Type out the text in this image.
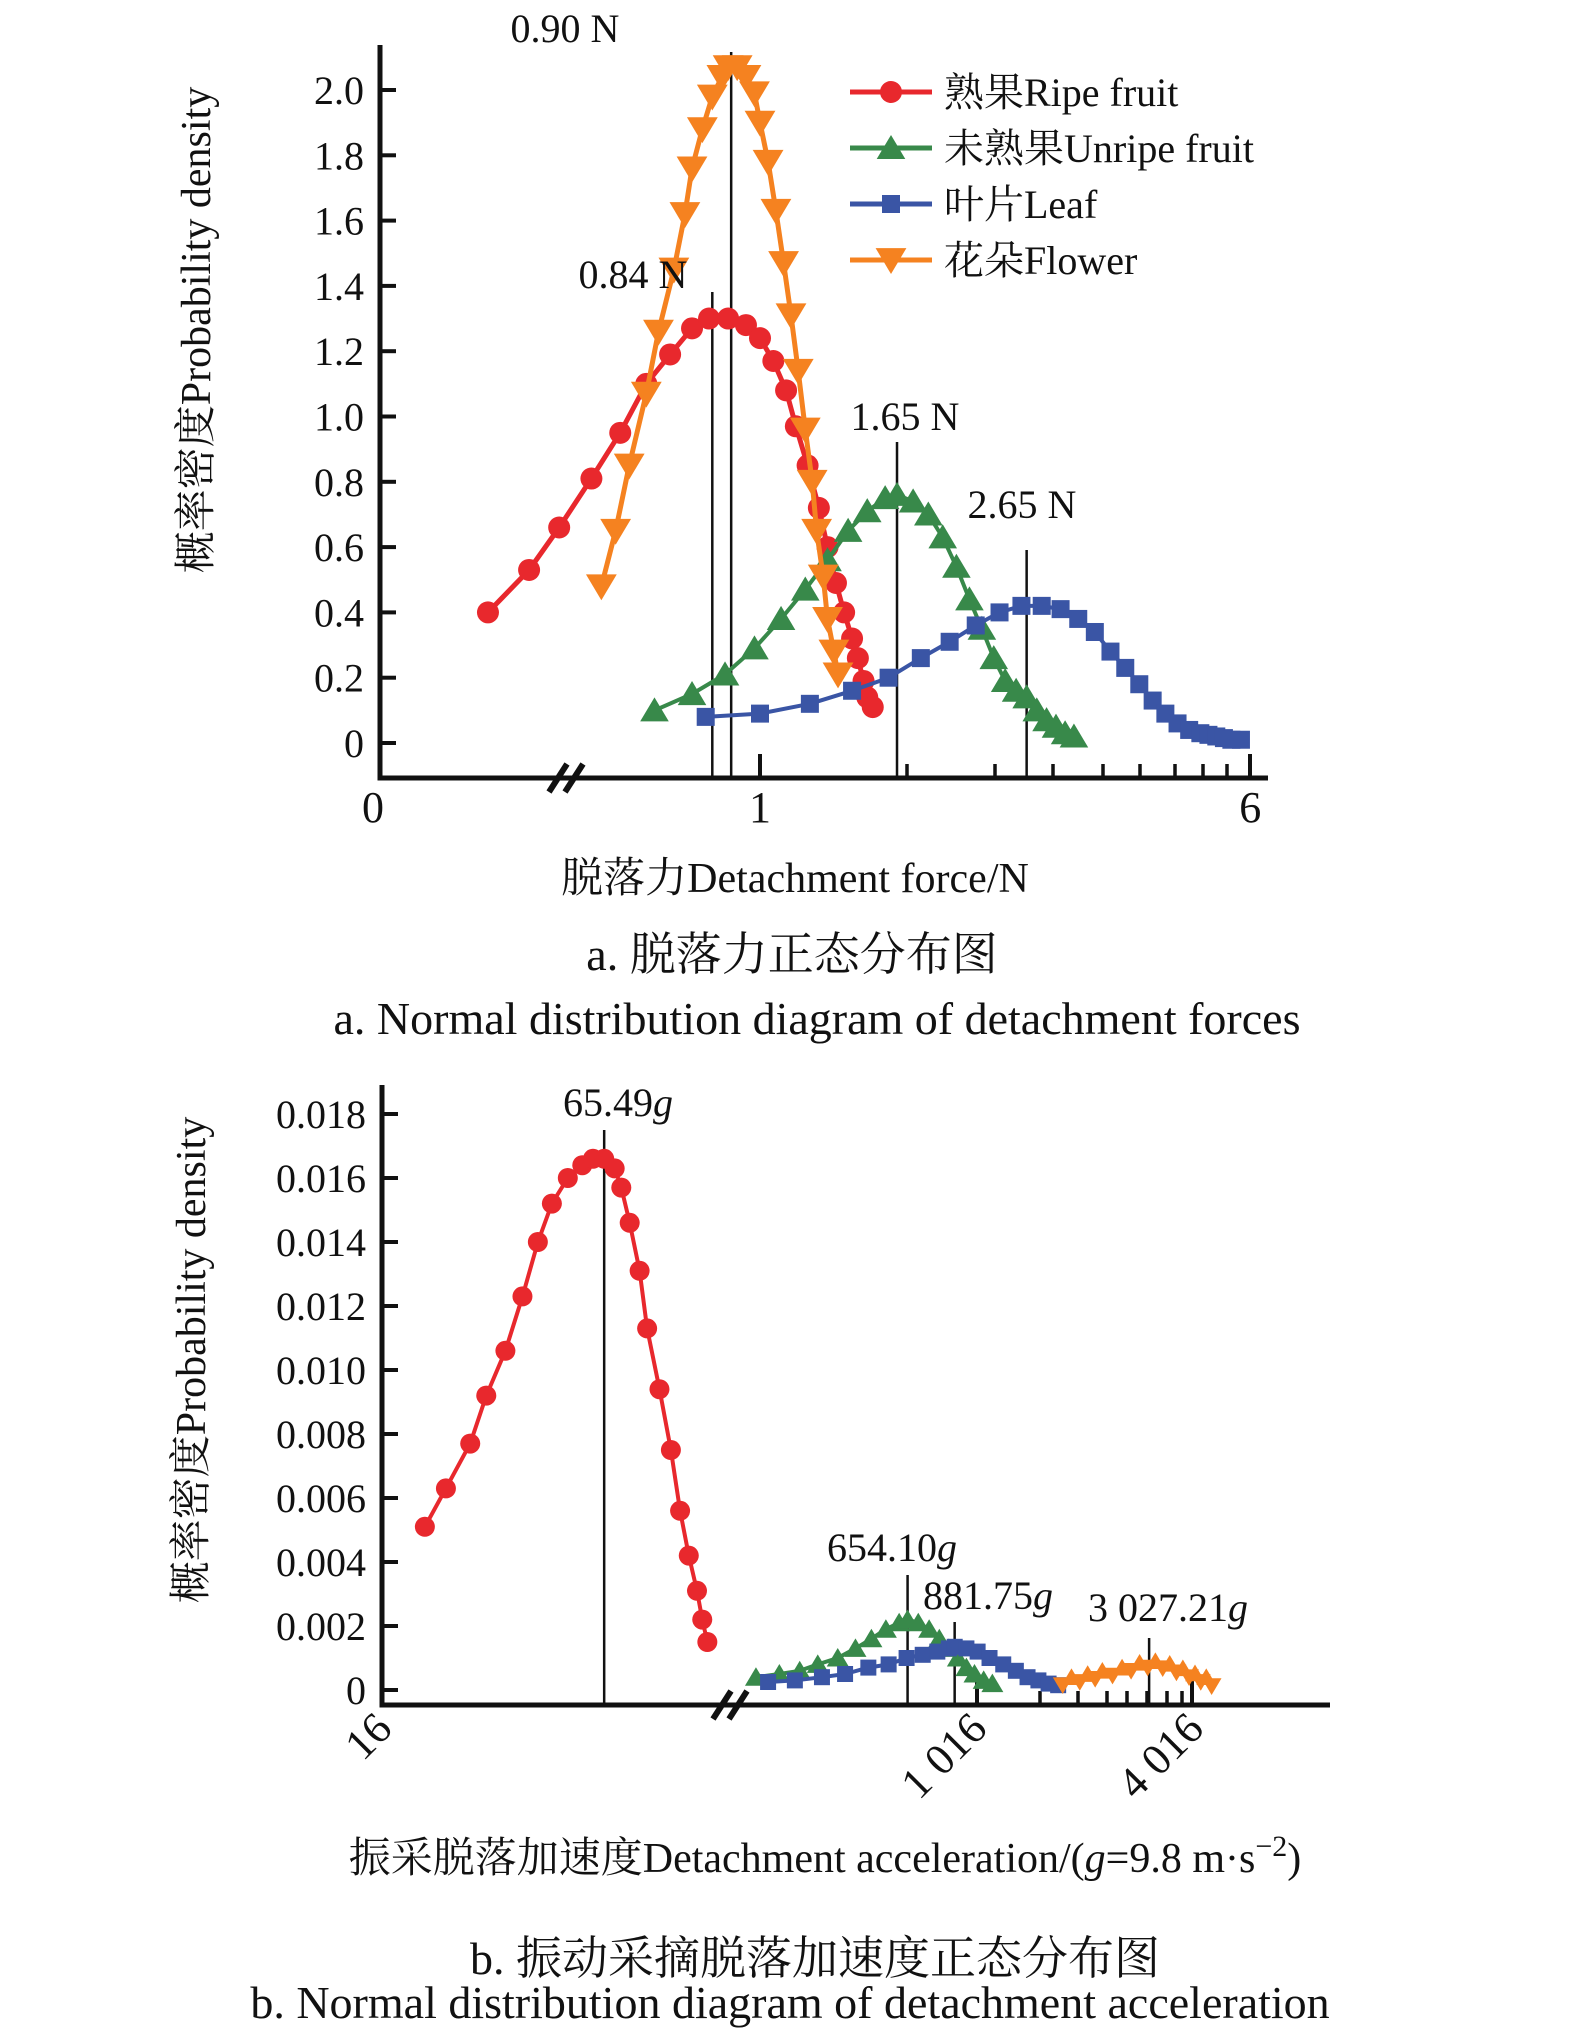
0
0.2
0.4
0.6
0.8
1.0
1.2
1.4
1.6
1.8
2.0
0	1	6
0
0.002
0.004
0.006
0.008
0.010
0.012
0.014
0.016
0.018
16	1 016	4 016
概率密度Probability density
脱落力Detachment force/N
a. 脱落力正态分布图
a. Normal distribution diagram of detachment forces
0.84 N
0.90 N
1.65 N
2.65 N
熟果Ripe fruit
未熟果Unripe fruit
叶片Leaf
花朵Flower
概率密度Probability density
振采脱落加速度Detachment acceleration/(g=9.8 $m\cdot s^{-2}$)
b. 振动采摘脱落加速度正态分布图
b. Normal distribution diagram of detachment acceleration
65.49g
654.10g
881.75g 3 027.21g
